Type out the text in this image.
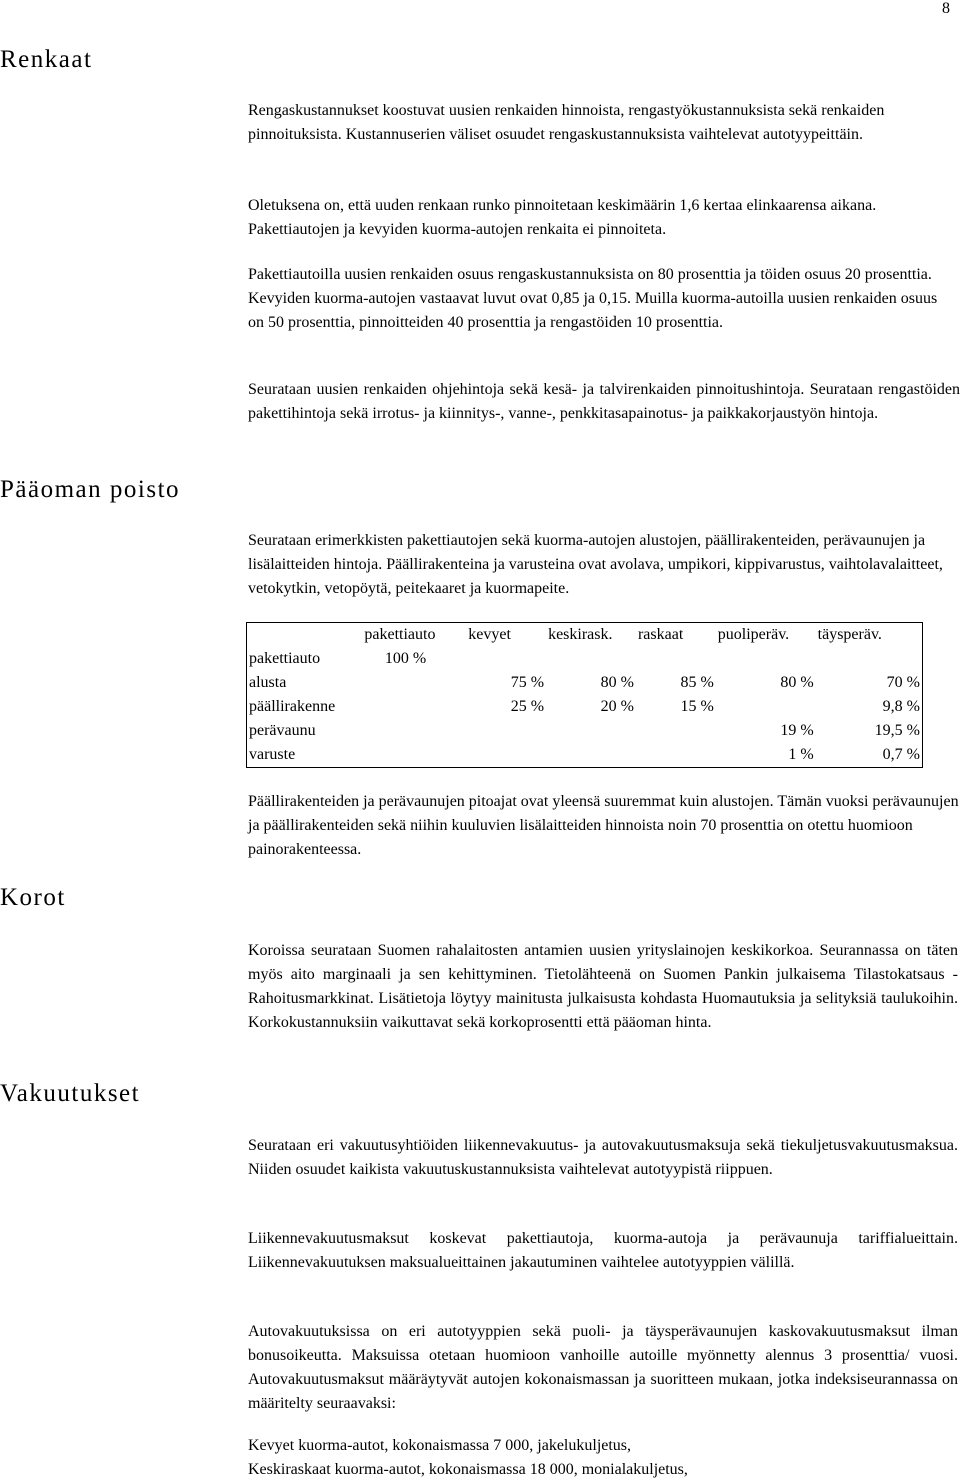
8
Renkaat

Rengaskustannukset koostuvat uusien renkaiden hinnoista, rengastyökustannuksista sekä renkaiden pinnoituksista. Kustannuserien väliset osuudet rengaskustannuksista vaihtelevat autotyypeittäin.

Oletuksena on, että uuden renkaan runko pinnoitetaan keskimäärin 1,6 kertaa elinkaarensa aikana. Pakettiautojen ja kevyiden kuorma-autojen renkaita ei pinnoiteta.

Pakettiautoilla uusien renkaiden osuus rengaskustannuksista on 80 prosenttia ja töiden osuus 20 prosenttia. Kevyiden kuorma-autojen vastaavat luvut ovat 0,85 ja 0,15. Muilla kuorma-autoilla uusien renkaiden osuus on 50 prosenttia, pinnoitteiden 40 prosenttia ja rengastöiden 10 prosenttia.

Seurataan uusien renkaiden ohjehintoja sekä kesä- ja talvirenkaiden pinnoitushintoja. Seurataan rengastöiden pakettihintoja sekä irrotus- ja kiinnitys-, vanne-, penkkitasapainotus- ja paikkakorjaustyön hintoja.

Pääoman poisto

Seurataan erimerkkisten pakettiautojen sekä kuorma-autojen alustojen, päällirakenteiden, perävaunujen ja lisälaitteiden hintoja. Päällirakenteina ja varusteina ovat avolava, umpikori, kippivarustus, vaihtolavalaitteet, vetokytkin, vetopöytä, peitekaaret ja kuormapeite.

	pakettiauto	kevyet	keskirask.	raskaat	puoliperäv.	täysperäv.
pakettiauto	100 %					
alusta		75 %	80 %	85 %	80 %	70 %
päällirakenne		25 %	20 %	15 %		9,8 %
perävaunu					19 %	19,5 %
varuste					1 %	0,7 %

Päällirakenteiden ja perävaunujen pitoajat ovat yleensä suuremmat kuin alustojen. Tämän vuoksi perävaunujen ja päällirakenteiden sekä niihin kuuluvien lisälaitteiden hinnoista noin 70 prosenttia on otettu huomioon painorakenteessa.

Korot

Koroissa seurataan Suomen rahalaitosten antamien uusien yrityslainojen keskikorkoa. Seurannassa on täten myös aito marginaali ja sen kehittyminen. Tietolähteenä on Suomen Pankin julkaisema Tilastokatsaus - Rahoitusmarkkinat. Lisätietoja löytyy mainitusta julkaisusta kohdasta Huomautuksia ja selityksiä taulukoihin. Korkokustannuksiin vaikuttavat sekä korkoprosentti että pääoman hinta.

Vakuutukset

Seurataan eri vakuutusyhtiöiden liikennevakuutus- ja autovakuutusmaksuja sekä tiekuljetusvakuutusmaksua. Niiden osuudet kaikista vakuutuskustannuksista vaihtelevat autotyypistä riippuen.

Liikennevakuutusmaksut koskevat pakettiautoja, kuorma-autoja ja perävaunuja tariffialueittain. Liikennevakuutuksen maksualueittainen jakautuminen vaihtelee autotyyppien välillä.

Autovakuutuksissa on eri autotyyppien sekä puoli- ja täysperävaunujen kaskovakuutusmaksut ilman bonusoikeutta. Maksuissa otetaan huomioon vanhoille autoille myönnetty alennus 3 prosenttia/ vuosi. Autovakuutusmaksut määräytyvät autojen kokonaismassan ja suoritteen mukaan, jotka indeksiseurannassa on määritelty seuraavaksi:

Kevyet kuorma-autot, kokonaismassa 7 000, jakelukuljetus,

Keskiraskaat kuorma-autot, kokonaismassa 18 000, monialakuljetus,
